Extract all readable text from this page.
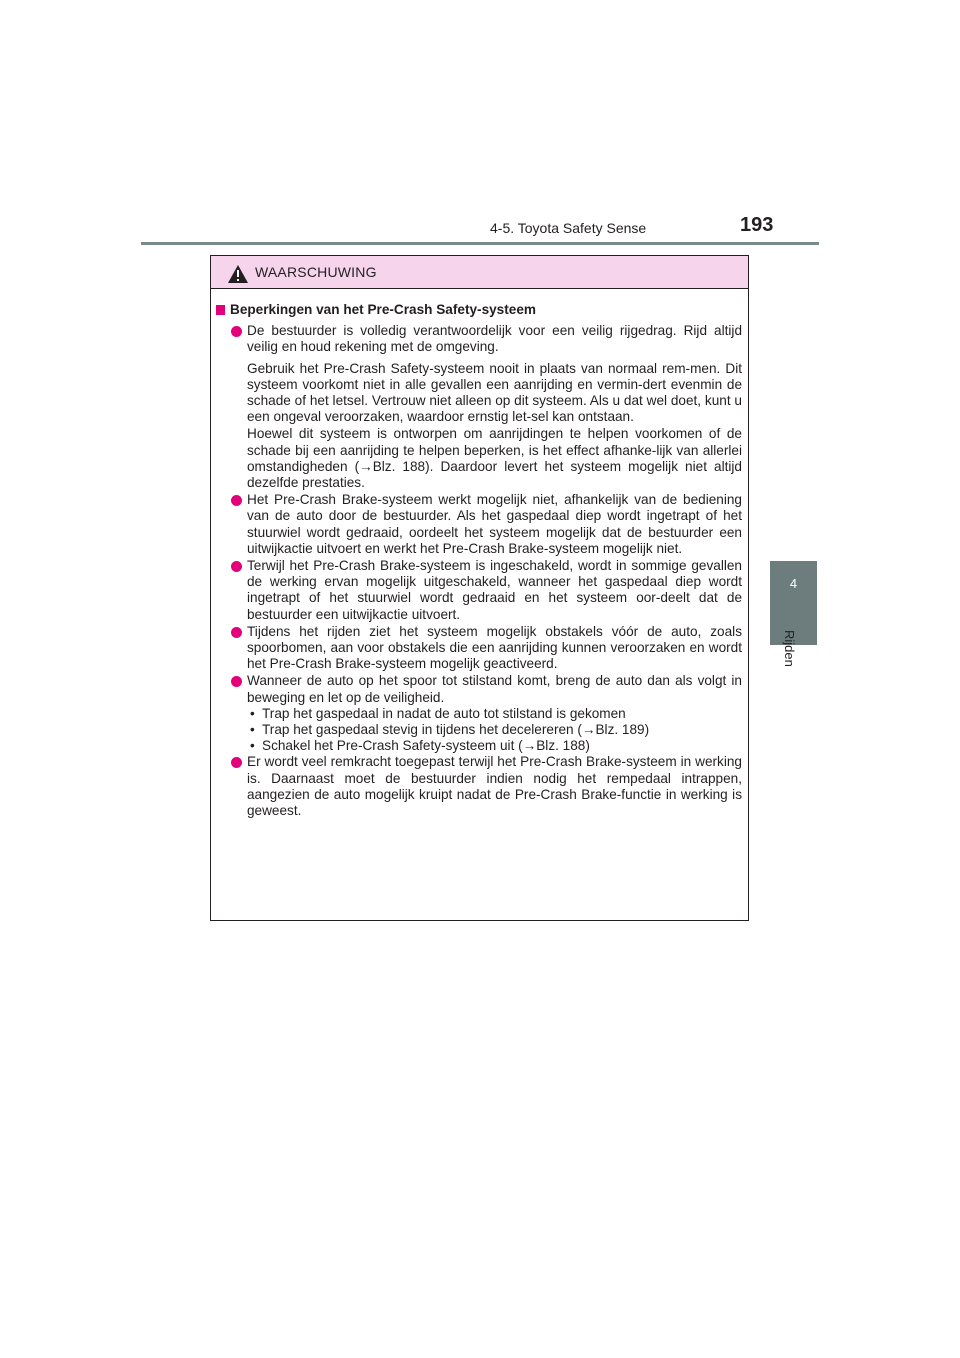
4-5. Toyota Safety Sense	193
4
Rijden
WAARSCHUWING
Beperkingen van het Pre-Crash Safety-systeem
De bestuurder is volledig verantwoordelijk voor een veilig rijgedrag. Rijd altijd veilig en houd rekening met de omgeving.
Gebruik het Pre-Crash Safety-systeem nooit in plaats van normaal rem-men. Dit systeem voorkomt niet in alle gevallen een aanrijding en vermin-dert evenmin de schade of het letsel. Vertrouw niet alleen op dit systeem. Als u dat wel doet, kunt u een ongeval veroorzaken, waardoor ernstig let-sel kan ontstaan.
Hoewel dit systeem is ontworpen om aanrijdingen te helpen voorkomen of de schade bij een aanrijding te helpen beperken, is het effect afhanke-lijk van allerlei omstandigheden (→Blz. 188). Daardoor levert het systeem mogelijk niet altijd dezelfde prestaties.
Het Pre-Crash Brake-systeem werkt mogelijk niet, afhankelijk van de bediening van de auto door de bestuurder. Als het gaspedaal diep wordt ingetrapt of het stuurwiel wordt gedraaid, oordeelt het systeem mogelijk dat de bestuurder een uitwijkactie uitvoert en werkt het Pre-Crash Brake-systeem mogelijk niet.
Terwijl het Pre-Crash Brake-systeem is ingeschakeld, wordt in sommige gevallen de werking ervan mogelijk uitgeschakeld, wanneer het gaspedaal diep wordt ingetrapt of het stuurwiel wordt gedraaid en het systeem oor-deelt dat de bestuurder een uitwijkactie uitvoert.
Tijdens het rijden ziet het systeem mogelijk obstakels vóór de auto, zoals spoorbomen, aan voor obstakels die een aanrijding kunnen veroorzaken en wordt het Pre-Crash Brake-systeem mogelijk geactiveerd.
Wanneer de auto op het spoor tot stilstand komt, breng de auto dan als volgt in beweging en let op de veiligheid.
• Trap het gaspedaal in nadat de auto tot stilstand is gekomen
• Trap het gaspedaal stevig in tijdens het decelereren (→Blz. 189)
• Schakel het Pre-Crash Safety-systeem uit (→Blz. 188)
Er wordt veel remkracht toegepast terwijl het Pre-Crash Brake-systeem in werking is. Daarnaast moet de bestuurder indien nodig het rempedaal intrappen, aangezien de auto mogelijk kruipt nadat de Pre-Crash Brake-functie in werking is geweest.
